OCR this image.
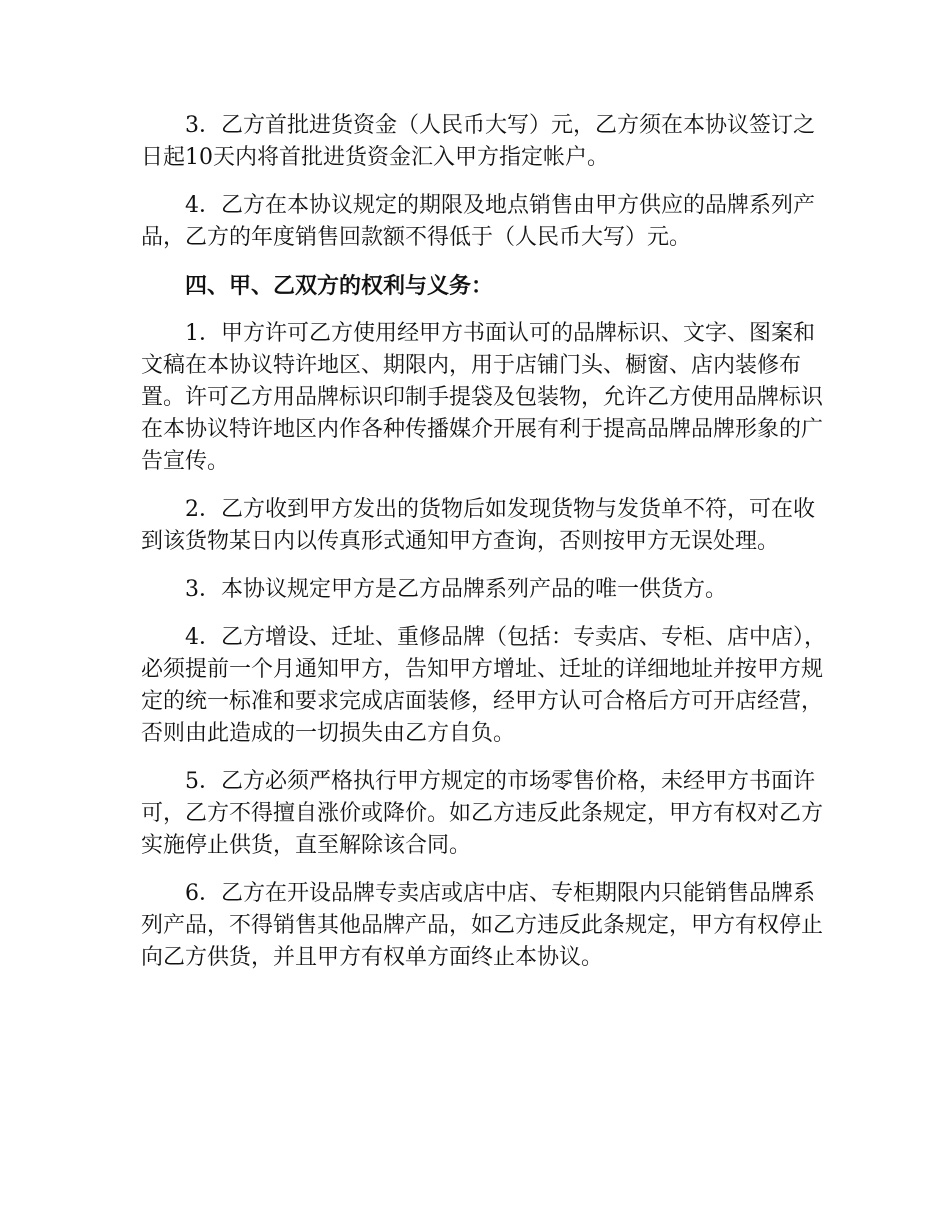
3．乙方首批进货资金（人民币大写）元，乙方须在本协议签订之日起10天内将首批进货资金汇入甲方指定帐户。

4．乙方在本协议规定的期限及地点销售由甲方供应的品牌系列产品，乙方的年度销售回款额不得低于（人民币大写）元。

四、甲、乙双方的权利与义务：

1．甲方许可乙方使用经甲方书面认可的品牌标识、文字、图案和文稿在本协议特许地区、期限内，用于店铺门头、橱窗、店内装修布置。许可乙方用品牌标识印制手提袋及包装物，允许乙方使用品牌标识在本协议特许地区内作各种传播媒介开展有利于提高品牌品牌形象的广告宣传。

2．乙方收到甲方发出的货物后如发现货物与发货单不符，可在收到该货物某日内以传真形式通知甲方查询，否则按甲方无误处理。

3．本协议规定甲方是乙方品牌系列产品的唯一供货方。

4．乙方增设、迁址、重修品牌（包括：专卖店、专柜、店中店），必须提前一个月通知甲方，告知甲方增址、迁址的详细地址并按甲方规定的统一标准和要求完成店面装修，经甲方认可合格后方可开店经营，否则由此造成的一切损失由乙方自负。

5．乙方必须严格执行甲方规定的市场零售价格，未经甲方书面许可，乙方不得擅自涨价或降价。如乙方违反此条规定，甲方有权对乙方实施停止供货，直至解除该合同。

6．乙方在开设品牌专卖店或店中店、专柜期限内只能销售品牌系列产品，不得销售其他品牌产品，如乙方违反此条规定，甲方有权停止向乙方供货，并且甲方有权单方面终止本协议。
